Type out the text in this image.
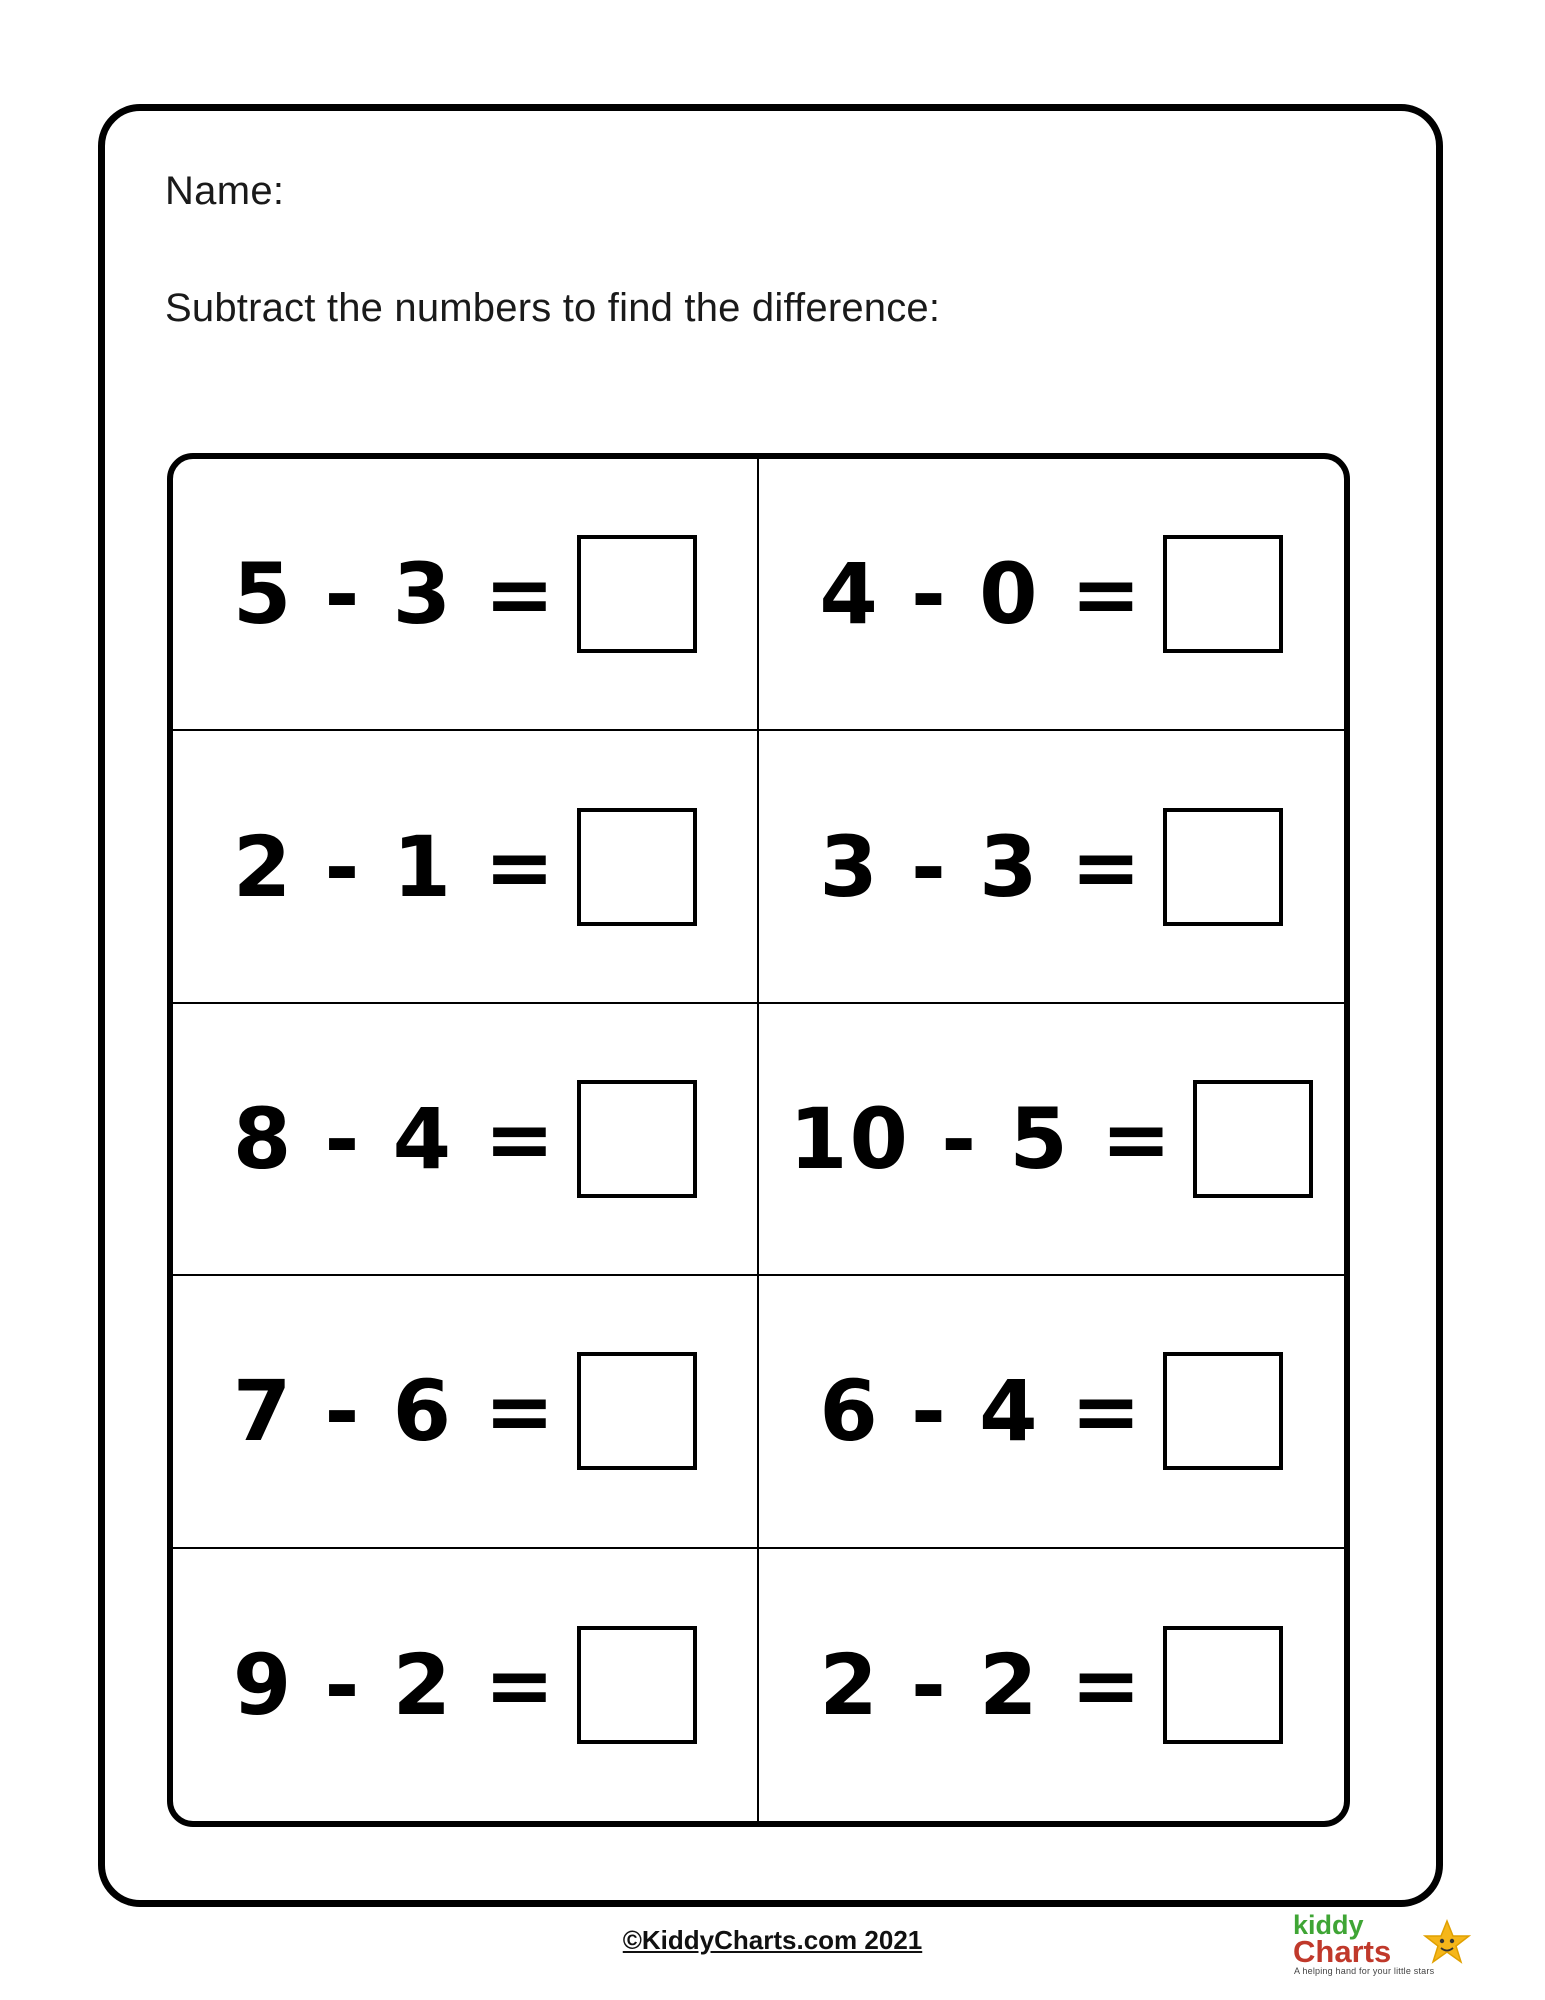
Name:

Subtract the numbers to find the difference:

5 - 3 =	4 - 0 =
2 - 1 =	3 - 3 =
8 - 4 =	10 - 5 =
7 - 6 =	6 - 4 =
9 - 2 =	2 - 2 =
©KiddyCharts.com 2021	kiddy
Charts
A helping hand for your little stars
